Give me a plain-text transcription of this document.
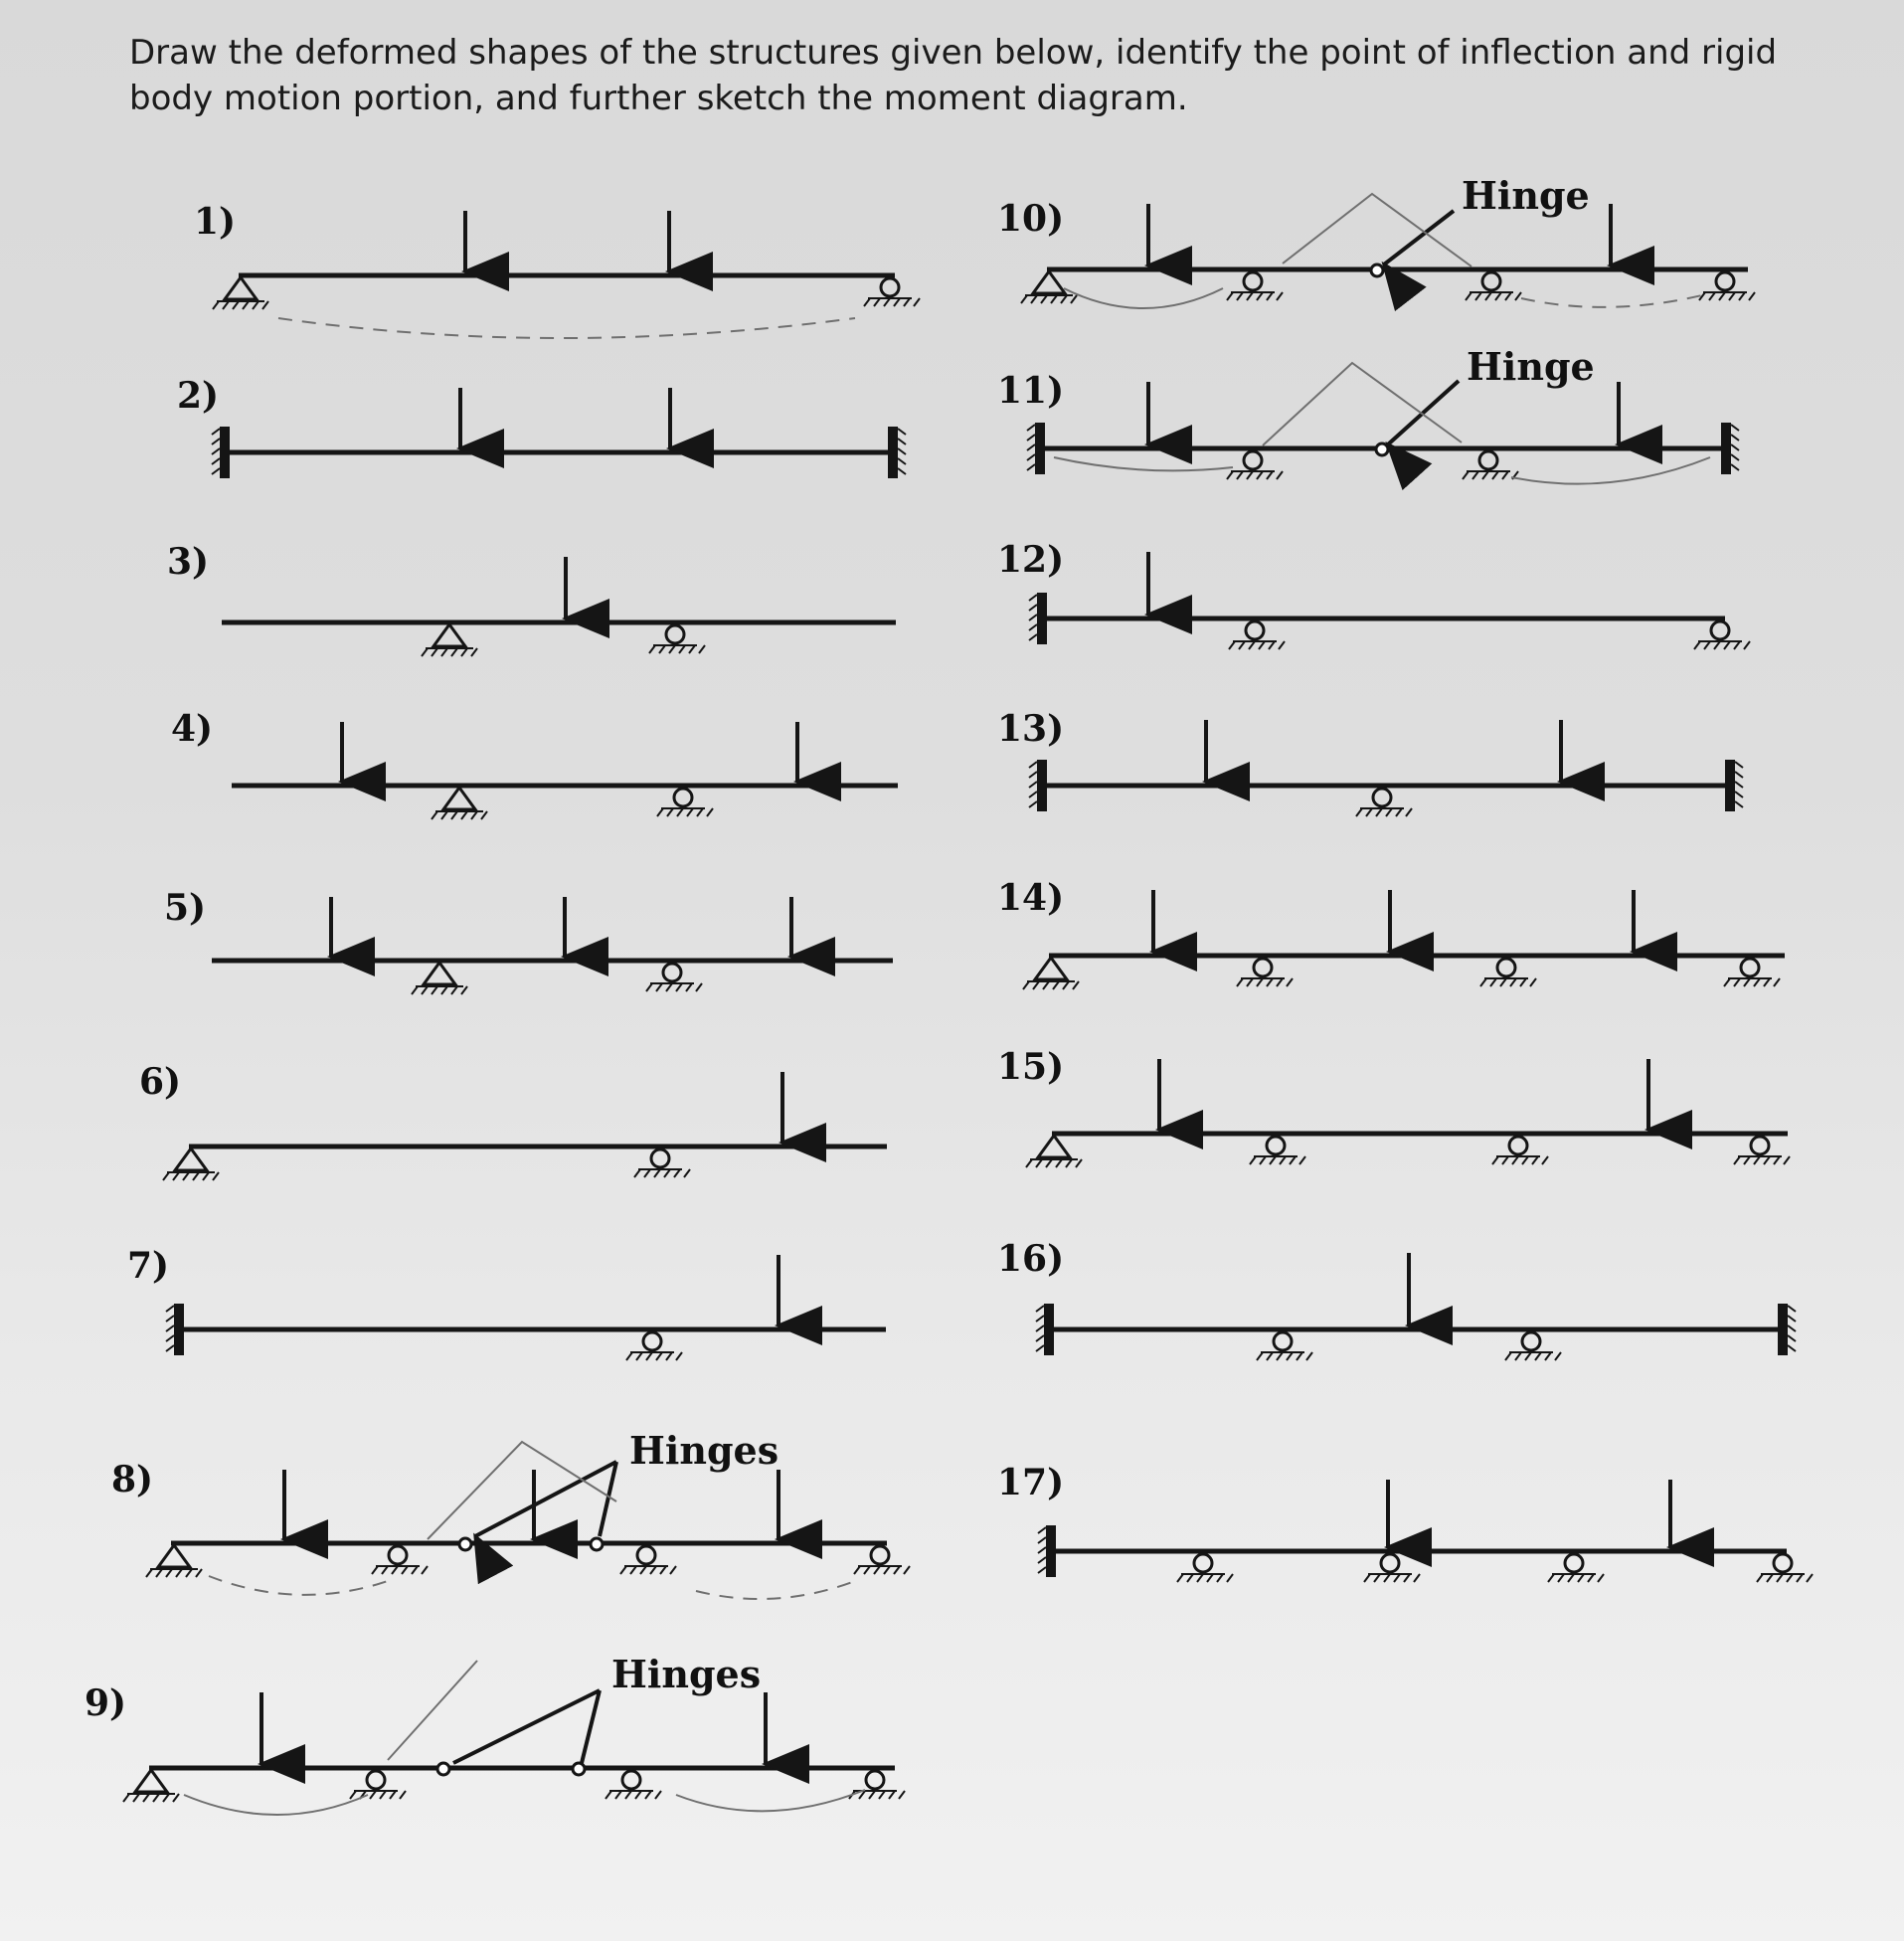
Draw the deformed shapes of the structures given below, identify the point of inflection and rigid body motion portion, and further sketch the moment diagram.
1)
2)
3)
4)
5)
6)
7)
8)
Hinges
9)
Hinges
10)
Hinge
11)
Hinge
12)
13)
14)
15)
16)
17)
